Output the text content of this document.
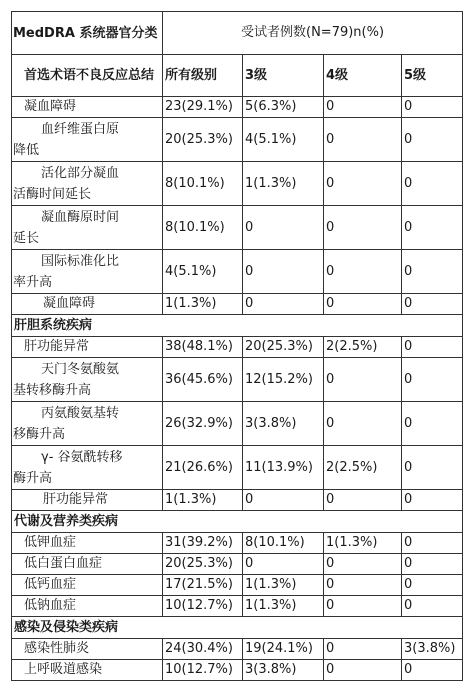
MedDRA 系统器官分类	受试者例数(N=79)n(%)			
首选术语不良反应总结	所有级别	3级	4级	5级
凝血障碍	23(29.1%)	5(6.3%)	0	0

血纤维蛋白原
降低	20(25.3%)	4(5.1%)	0	0

活化部分凝血
活酶时间延长	8(10.1%)	1(1.3%)	0	0

凝血酶原时间
延长	8(10.1%)	0	0	0

国际标准化比
率升高	4(5.1%)	0	0	0
凝血障碍	1(1.3%)	0	0	0
肝胆系统疾病				
肝功能异常	38(48.1%)	20(25.3%)	2(2.5%)	0

天门冬氨酸氨
基转移酶升高	36(45.6%)	12(15.2%)	0	0

丙氨酸氨基转
移酶升高	26(32.9%)	3(3.8%)	0	0

γ- 谷氨酰转移
酶升高	21(26.6%)	11(13.9%)	2(2.5%)	0
肝功能异常	1(1.3%)	0	0	0
代谢及营养类疾病				
低钾血症	31(39.2%)	8(10.1%)	1(1.3%)	0
低白蛋白血症	20(25.3%)	0	0	0
低钙血症	17(21.5%)	1(1.3%)	0	0
低钠血症	10(12.7%)	1(1.3%)	0	0
感染及侵染类疾病				
感染性肺炎	24(30.4%)	19(24.1%)	0	3(3.8%)
上呼吸道感染	10(12.7%)	3(3.8%)	0	0
